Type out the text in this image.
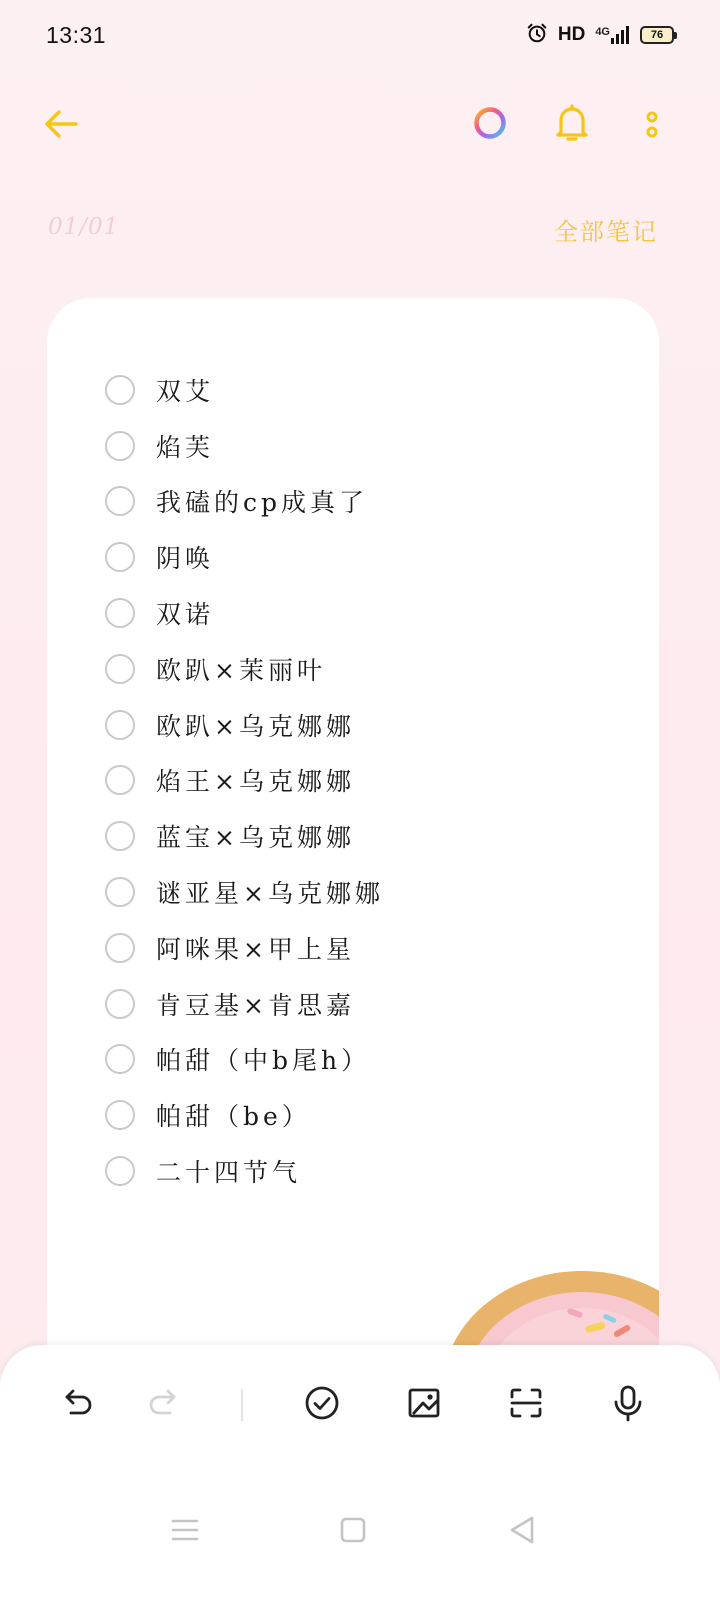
13:31	HD 4G	76
01/01	全部笔记
双艾
焰芙
我磕的cp成真了
阴唤
双诺
欧趴×茉丽叶
欧趴×乌克娜娜
焰王×乌克娜娜
蓝宝×乌克娜娜
谜亚星×乌克娜娜
阿咪果×甲上星
肯豆基×肯思嘉
帕甜（中b尾h）
帕甜（be）
二十四节气
